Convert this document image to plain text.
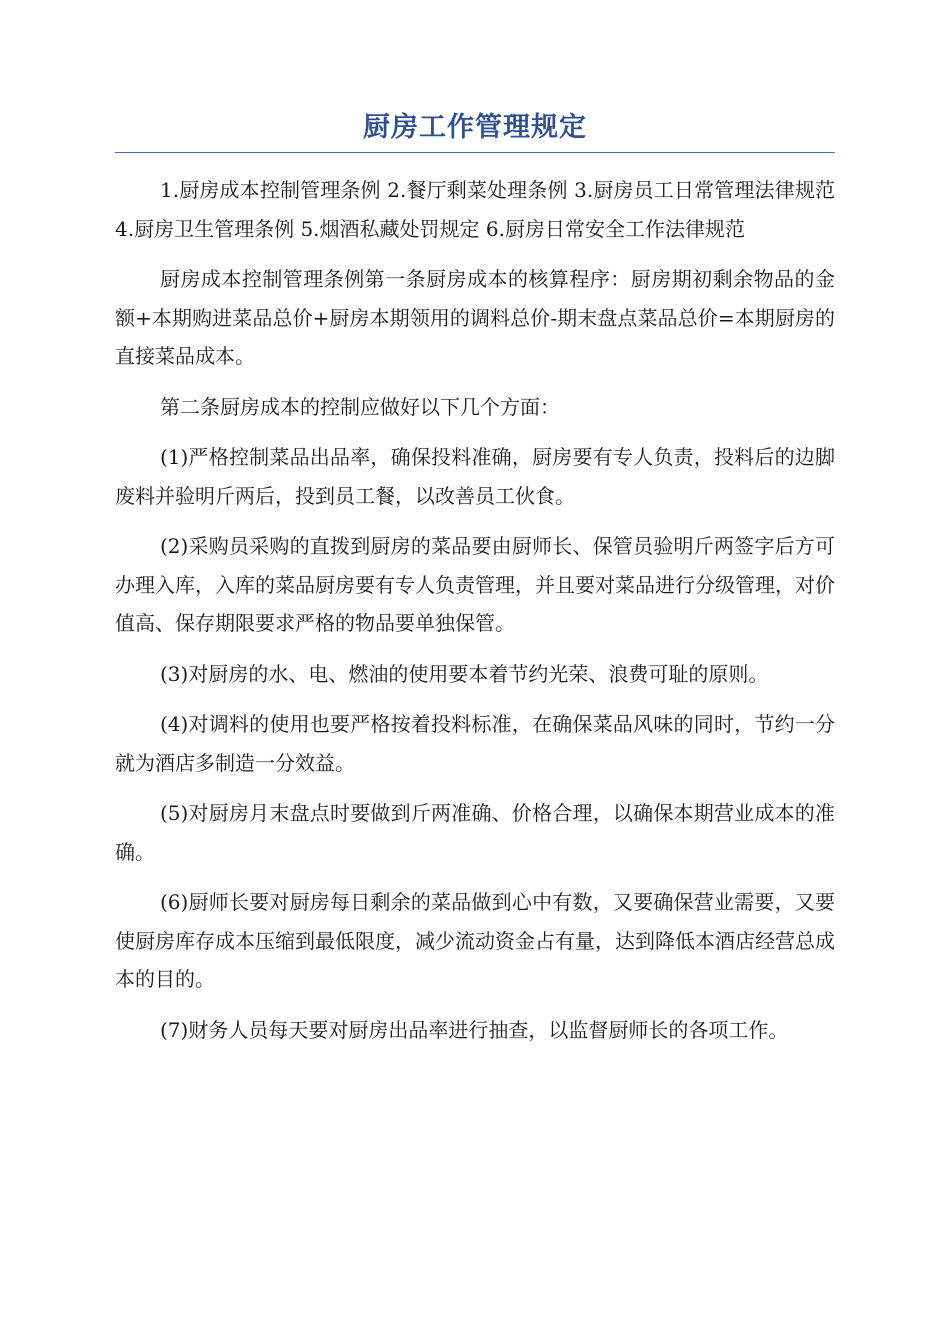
厨房工作管理规定

1.厨房成本控制管理条例 2.餐厅剩菜处理条例 3.厨房员工日常管理法律规范 4.厨房卫生管理条例 5.烟酒私藏处罚规定 6.厨房日常安全工作法律规范

厨房成本控制管理条例第一条厨房成本的核算程序：厨房期初剩余物品的金额+本期购进菜品总价+厨房本期领用的调料总价-期末盘点菜品总价=本期厨房的直接菜品成本。

第二条厨房成本的控制应做好以下几个方面：

(1)严格控制菜品出品率，确保投料准确，厨房要有专人负责，投料后的边脚废料并验明斤两后，投到员工餐，以改善员工伙食。

(2)采购员采购的直拨到厨房的菜品要由厨师长、保管员验明斤两签字后方可办理入库，入库的菜品厨房要有专人负责管理，并且要对菜品进行分级管理，对价值高、保存期限要求严格的物品要单独保管。

(3)对厨房的水、电、燃油的使用要本着节约光荣、浪费可耻的原则。

(4)对调料的使用也要严格按着投料标准，在确保菜品风味的同时，节约一分就为酒店多制造一分效益。

(5)对厨房月末盘点时要做到斤两准确、价格合理，以确保本期营业成本的准确。

(6)厨师长要对厨房每日剩余的菜品做到心中有数，又要确保营业需要，又要使厨房库存成本压缩到最低限度，减少流动资金占有量，达到降低本酒店经营总成本的目的。

(7)财务人员每天要对厨房出品率进行抽查，以监督厨师长的各项工作。
